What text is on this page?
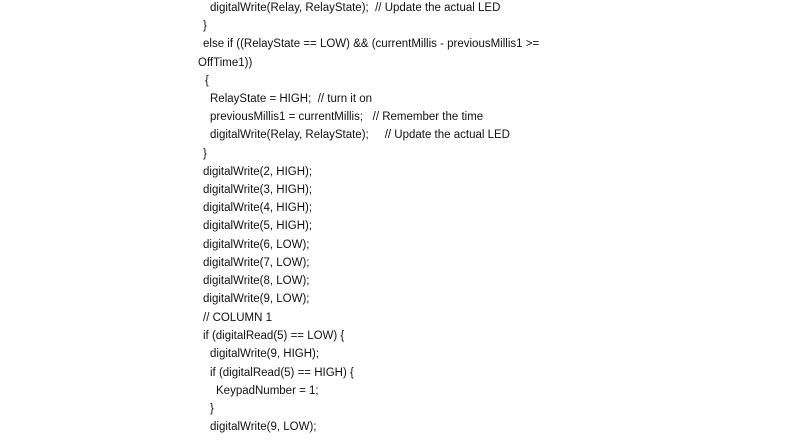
digitalWrite(Relay, RelayState);  // Update the actual LED
}
else if ((RelayState == LOW) && (currentMillis - previousMillis1 >=
OffTime1))
{
RelayState = HIGH;  // turn it on
previousMillis1 = currentMillis;   // Remember the time
digitalWrite(Relay, RelayState);     // Update the actual LED
}
digitalWrite(2, HIGH);
digitalWrite(3, HIGH);
digitalWrite(4, HIGH);
digitalWrite(5, HIGH);
digitalWrite(6, LOW);
digitalWrite(7, LOW);
digitalWrite(8, LOW);
digitalWrite(9, LOW);
// COLUMN 1
if (digitalRead(5) == LOW) {
digitalWrite(9, HIGH);
if (digitalRead(5) == HIGH) {
KeypadNumber = 1;
}
digitalWrite(9, LOW);
